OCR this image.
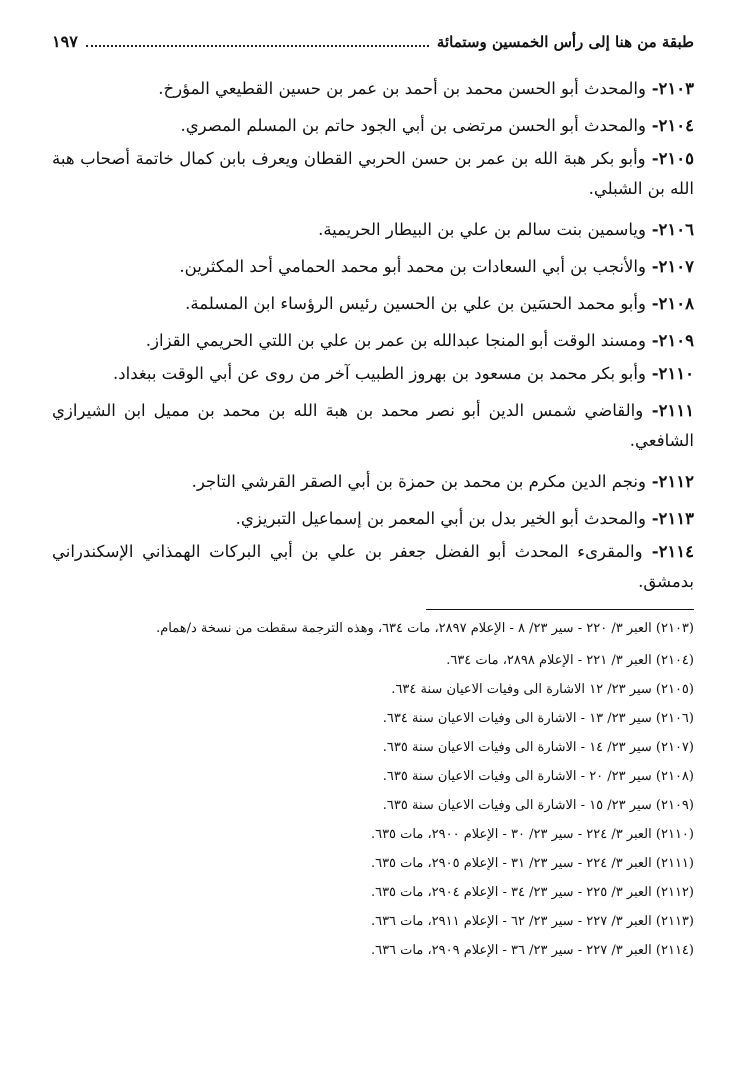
طبقة من هنا إلى رأس الخمسين وستمائة
١٩٧
٢١٠٣- والمحدث أبو الحسن محمد بن أحمد بن عمر بن حسين القطيعي المؤرخ.
٢١٠٤- والمحدث أبو الحسن مرتضى بن أبي الجود حاتم بن المسلم المصري.
٢١٠٥- وأبو بكر هبة الله بن عمر بن حسن الحربي القطان ويعرف بابن كمال خاتمة أصحاب هبة الله بن الشبلي.
٢١٠٦- وياسمين بنت سالم بن علي بن البيطار الحريمية.
٢١٠٧- والأنجب بن أبي السعادات بن محمد أبو محمد الحمامي أحد المكثرين.
٢١٠٨- وأبو محمد الحسَين بن علي بن الحسين رئيس الرؤساء ابن المسلمة.
٢١٠٩- ومسند الوقت أبو المنجا عبدالله بن عمر بن علي بن اللتي الحريمي القزاز.
٢١١٠- وأبو بكر محمد بن مسعود بن بهروز الطبيب آخر من روى عن أبي الوقت ببغداد.
٢١١١- والقاضي شمس الدين أبو نصر محمد بن هبة الله بن محمد بن مميل ابن الشيرازي الشافعي.
٢١١٢- ونجم الدين مكرم بن محمد بن حمزة بن أبي الصقر القرشي التاجر.
٢١١٣- والمحدث أبو الخير بدل بن أبي المعمر بن إسماعيل التبريزي.
٢١١٤- والمقرىء المحدث أبو الفضل جعفر بن علي بن أبي البركات الهمذاني الإسكندراني بدمشق.
(٢١٠٣) العبر ٣/ ٢٢٠ - سير ٢٣/ ٨ - الإعلام ٢٨٩٧، مات ٦٣٤، وهذه الترجمة سقطت من نسخة د/همام.
(٢١٠٤) العبر ٣/ ٢٢١ - الإعلام ٢٨٩٨، مات ٦٣٤.
(٢١٠٥) سير ٢٣/ ١٢ الاشارة الى وفيات الاعيان سنة ٦٣٤.
(٢١٠٦) سير ٢٣/ ١٣ - الاشارة الى وفيات الاعيان سنة ٦٣٤.
(٢١٠٧) سير ٢٣/ ١٤ - الاشارة الى وفيات الاعيان سنة ٦٣٥.
(٢١٠٨) سير ٢٣/ ٢٠ - الاشارة الى وفيات الاعيان سنة ٦٣٥.
(٢١٠٩) سير ٢٣/ ١٥ - الاشارة الى وفيات الاعيان سنة ٦٣٥.
(٢١١٠) العبر ٣/ ٢٢٤ - سير ٢٣/ ٣٠ - الإعلام ٢٩٠٠، مات ٦٣٥.
(٢١١١) العبر ٣/ ٢٢٤ - سير ٢٣/ ٣١ - الإعلام ٢٩٠٥، مات ٦٣٥.
(٢١١٢) العبر ٣/ ٢٢٥ - سير ٢٣/ ٣٤ - الإعلام ٢٩٠٤، مات ٦٣٥.
(٢١١٣) العبر ٣/ ٢٢٧ - سير ٢٣/ ٦٢ - الإعلام ٢٩١١، مات ٦٣٦.
(٢١١٤) العبر ٣/ ٢٢٧ - سير ٢٣/ ٣٦ - الإعلام ٢٩٠٩، مات ٦٣٦.
